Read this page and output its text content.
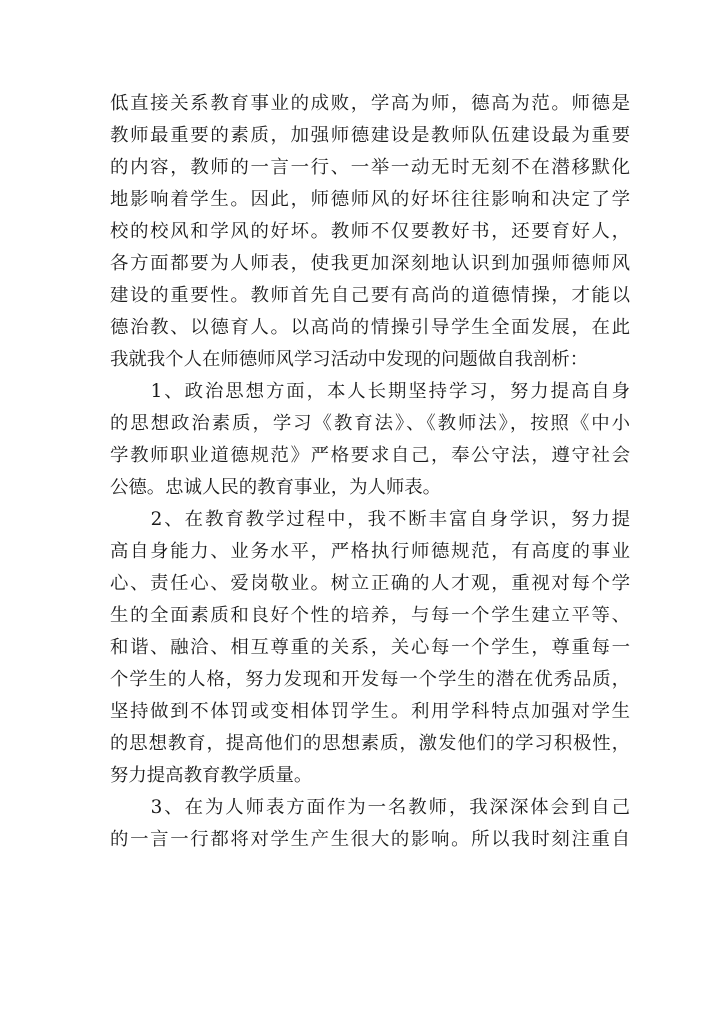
低直接关系教育事业的成败，学高为师，德高为范。师德是
教师最重要的素质，加强师德建设是教师队伍建设最为重要
的内容，教师的一言一行、一举一动无时无刻不在潜移默化
地影响着学生。因此，师德师风的好坏往往影响和决定了学
校的校风和学风的好坏。教师不仅要教好书，还要育好人，
各方面都要为人师表，使我更加深刻地认识到加强师德师风
建设的重要性。教师首先自己要有高尚的道德情操，才能以
德治教、以德育人。以高尚的情操引导学生全面发展，在此
我就我个人在师德师风学习活动中发现的问题做自我剖析：
　　1、政治思想方面，本人长期坚持学习，努力提高自身
的思想政治素质，学习《教育法》、《教师法》，按照《中小
学教师职业道德规范》严格要求自己，奉公守法，遵守社会
公德。忠诚人民的教育事业，为人师表。
　　2、在教育教学过程中，我不断丰富自身学识，努力提
高自身能力、业务水平，严格执行师德规范，有高度的事业
心、责任心、爱岗敬业。树立正确的人才观，重视对每个学
生的全面素质和良好个性的培养，与每一个学生建立平等、
和谐、融洽、相互尊重的关系，关心每一个学生，尊重每一
个学生的人格，努力发现和开发每一个学生的潜在优秀品质，
坚持做到不体罚或变相体罚学生。利用学科特点加强对学生
的思想教育，提高他们的思想素质，激发他们的学习积极性，
努力提高教育教学质量。
　　3、在为人师表方面作为一名教师，我深深体会到自己
的一言一行都将对学生产生很大的影响。所以我时刻注重自
